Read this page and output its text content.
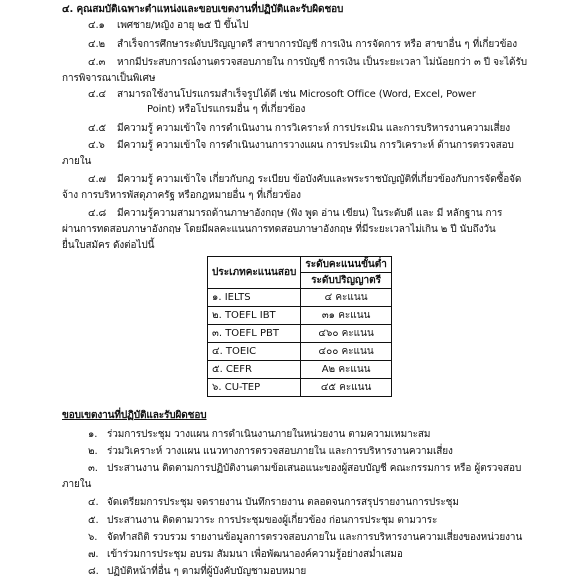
๔. คุณสมบัติเฉพาะตำแหน่งและขอบเขตงานที่ปฏิบัติและรับผิดชอบ
๔.๑ เพศชาย/หญิง อายุ ๒๕ ปี ขึ้นไป
๔.๒ สำเร็จการศึกษาระดับปริญญาตรี สาขาการบัญชี การเงิน การจัดการ หรือ สาขาอื่น ๆ ที่เกี่ยวข้อง
๔.๓ หากมีประสบการณ์งานตรวจสอบภายใน การบัญชี การเงิน เป็นระยะเวลา ไม่น้อยกว่า ๓ ปี จะได้รับ
การพิจารณาเป็นพิเศษ
๔.๔ สามารถใช้งานโปรแกรมสำเร็จรูปได้ดี เช่น Microsoft Office (Word, Excel, Power
Point) หรือโปรแกรมอื่น ๆ ที่เกี่ยวข้อง
๔.๕ มีความรู้ ความเข้าใจ การดำเนินงาน การวิเคราะห์ การประเมิน และการบริหารงานความเสี่ยง
๔.๖ มีความรู้ ความเข้าใจ การดำเนินงานการวางแผน การประเมิน การวิเคราะห์ ด้านการตรวจสอบ
ภายใน
๔.๗ มีความรู้ ความเข้าใจ เกี่ยวกับกฎ ระเบียบ ข้อบังคับและพระราชบัญญัติที่เกี่ยวข้องกับการจัดซื้อจัด
จ้าง การบริหารพัสดุภาครัฐ หรือกฎหมายอื่น ๆ ที่เกี่ยวข้อง
๔.๘ มีความรู้ความสามารถด้านภาษาอังกฤษ (ฟัง พูด อ่าน เขียน) ในระดับดี และ มี หลักฐาน การ
ผ่านการทดสอบภาษาอังกฤษ โดยมีผลคะแนนการทดสอบภาษาอังกฤษ ที่มีระยะเวลาไม่เกิน ๒ ปี นับถึงวัน
ยื่นใบสมัคร ดังต่อไปนี้
ประเภทคะแนนสอบ	ระดับคะแนนขั้นต่ำ
	ระดับปริญญาตรี
๑. IELTS	๔ คะแนน
๒. TOEFL IBT	๓๑ คะแนน
๓. TOEFL PBT	๔๖๐ คะแนน
๔. TOEIC	๔๐๐ คะแนน
๕. CEFR	A๒ คะแนน
๖. CU-TEP	๔๕ คะแนน
ขอบเขตงานที่ปฏิบัติและรับผิดชอบ
๑. ร่วมการประชุม วางแผน การดำเนินงานภายในหน่วยงาน ตามความเหมาะสม
๒. ร่วมวิเคราะห์ วางแผน แนวทางการตรวจสอบภายใน และการบริหารงานความเสี่ยง
๓. ประสานงาน ติดตามการปฏิบัติงานตามข้อเสนอแนะของผู้สอบบัญชี คณะกรรมการ หรือ ผู้ตรวจสอบ
ภายใน
๔. จัดเตรียมการประชุม จดรายงาน บันทึกรายงาน ตลอดจนการสรุปรายงานการประชุม
๕. ประสานงาน ติดตามวาระ การประชุมของผู้เกี่ยวข้อง ก่อนการประชุม ตามวาระ
๖. จัดทำสถิติ รวบรวม รายงานข้อมูลการตรวจสอบภายใน และการบริหารงานความเสี่ยงของหน่วยงาน
๗. เข้าร่วมการประชุม อบรม สัมมนา เพื่อพัฒนาองค์ความรู้อย่างสม่ำเสมอ
๘. ปฏิบัติหน้าที่อื่น ๆ ตามที่ผู้บังคับบัญชามอบหมาย
